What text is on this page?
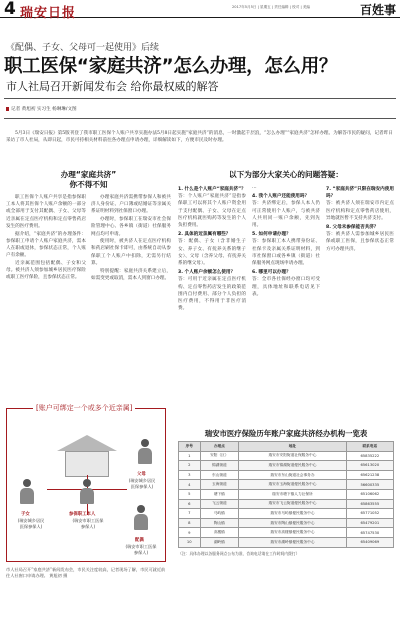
4 瑞安日报	2017年5月5日 | 星期五 | 责任编辑 | 校对 | 美编	百姓事
《配偶、子女、父母可一起使用》后续
职工医保“家庭共济”怎么办理，怎么用？
市人社局召开新闻发布会 给你最权威的解答
记者 黄旭初 实习生 杨琳琳/文图

5月3日《瑞安日报》第5版刊登了我市职工医保个人账户共享实施办法5月8日起实施“家庭共济”的消息，一时激起千层浪，“怎么办理”“家庭共济”怎样办理。为解答市民的疑问，记者昨日采访了市人社局，从即日起，市民可持相关材料前往各办理点申请办理，详细解读如下，方便市民及时办理。

办理“家庭共济”
你不得不知

职工医保个人账户共享是指参保职工本人将其医保个人账户余额的一部分或全部用于支付其配偶、子女、父母等近亲属在定点医疗机构和定点零售药店发生的医疗费用。

据介绍，“家庭共济”的办理条件：参保职工申请个人账户家庭共济，需本人在职或退休，参保状态正常，个人账户有余额。

近亲属范围包括配偶、子女和父母。被共济人须参加城乡居民医疗保险或职工医疗保险，且参保状态正常。

办理家庭共济需携带参保人和被共济人身份证、户口簿或结婚证等亲属关系证明材料到社保窗口办理。

办理时，参保职工在瑞安市社会保险管理中心、各乡镇（街道）社保服务网点均可申请。

使用时，被共济人在定点医疗机构和药店刷社保卡即可，由系统自动从参保职工个人账户中扣除，无需另行结算。

特别提醒：家庭共济关系建立后，如需变更或取消，需本人到窗口办理。

[账户可绑定一个或多个近亲属]
参保职工本人
(瑞安市职工医保
参保人)
子女
(瑞安城乡居民
医保参保人)
父母
(瑞安城乡居民
医保参保人)
配偶
(瑞安市职工医保
参保人)

市人社局召开“家庭共济”新闻发布会，市民关注度较高，记者现场了解，市民可就近前往人社窗口申请办理。 黄旭初 摄

以下为部分大家关心的问题答疑：
1. 什么是个人账户“家庭共济”？

答：个人账户“家庭共济”是指参保职工可以将其个人账户资金用于支付配偶、子女、父母在定点医疗机构就医购药等发生的个人负担费用。

2. 具体的近亲属有哪些？

答：配偶、子女（含非婚生子女、养子女、有抚养关系的继子女）、父母（含养父母、有抚养关系的继父母）。

3. 个人账户余额怎么使用？

答：可用于近亲属在定点医疗机构、定点零售药店发生的政策范围内自付费用、部分个人负担的医疗费用，不得用于非医疗消费。

…

4. 我个人账户还能使用吗？

答：共济绑定后，参保人本人仍可正常使用个人账户，与被共济人共用同一账户余额，先到先用。

5. 如何申请办理？

答：参保职工本人携带身份证、社保卡及亲属关系证明材料，到市社保窗口或各乡镇（街道）社保服务网点现场申请办理。

6. 哪里可以办理？

答：全市各社保经办窗口均可受理，具体地址和联系电话见下表。

7. “家庭共济”只限在瑞安内使用吗？

答：被共济人须在瑞安市内定点医疗机构和定点零售药店使用，异地就医暂不支持共济支付。

8. 父母未参保能否共济？

答：被共济人需参加城乡居民医保或职工医保，且参保状态正常方可办理共济。

瑞安市医疗保险历年账户家庭共济经办机构一览表
序号	办理点	地址	联系电话
1	安阳（区）	瑞安市安阳街道社保服务中心	65835222
2	锦湖街道	瑞安市锦湖街道便民服务中心	65613020
3	东山街道	瑞安市东山街道社会事务办	65621238
4	玉海街道	瑞安市玉海街道便民服务中心	56600335
5	塘下镇	瑞安市塘下镇人力社保所	65106062
6	飞云街道	瑞安市飞云街道便民服务中心	65863555
7	马屿镇	瑞安市马屿镇便民服务中心	65771052
8	陶山镇	瑞安市陶山镇便民服务中心	65479201
9	高楼镇	瑞安市高楼镇便民服务中心	65747530
10	湖岭镇	瑞安市湖岭镇便民服务中心	65409069
（注：具体办理以各服务网点公布为准，咨询电话请在工作时间内拨打）
